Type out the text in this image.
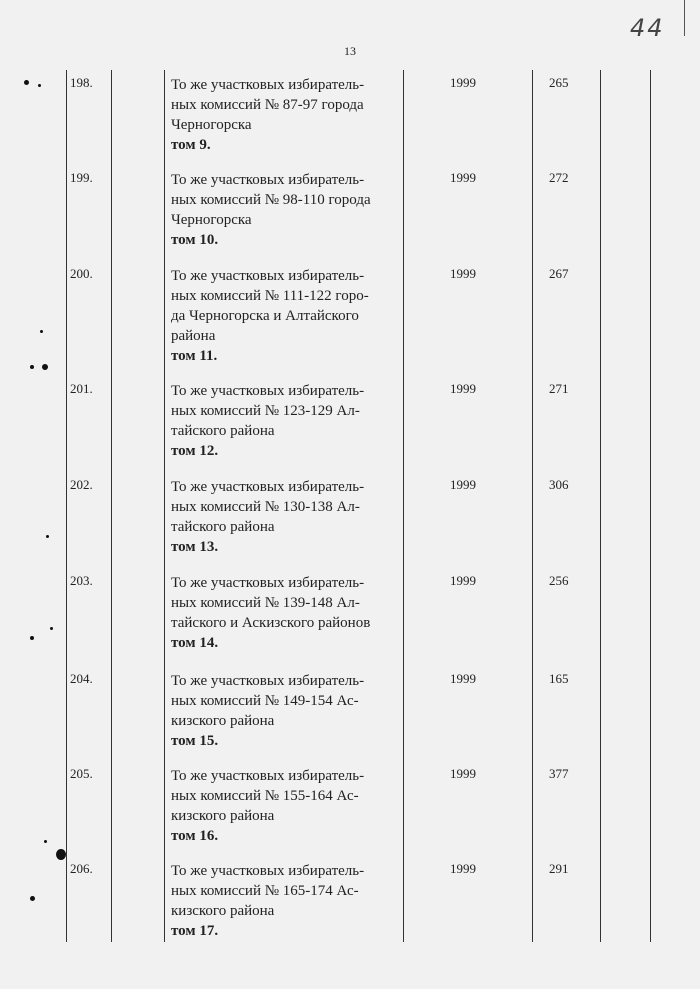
13
44
198.	То же участковых избиратель-
ных комиссий № 87-97 города
Черногорска
том 9.
1999	265
199.	То же участковых избиратель-
ных комиссий № 98-110 города
Черногорска
том 10.
1999	272
200.	То же участковых избиратель-
ных комиссий № 111-122 горо-
да Черногорска и Алтайского
района
том 11.
1999	267
201.	То же участковых избиратель-
ных комиссий № 123-129 Ал-
тайского района
том 12.
1999	271
202.	То же участковых избиратель-
ных комиссий № 130-138 Ал-
тайского района
том 13.
1999	306
203.	То же участковых избиратель-
ных комиссий № 139-148 Ал-
тайского и Аскизского районов
том 14.
1999	256
204.	То же участковых избиратель-
ных комиссий № 149-154 Ас-
кизского района
том 15.
1999	165
205.	То же участковых избиратель-
ных комиссий № 155-164 Ас-
кизского района
том 16.
1999	377
206.	То же участковых избиратель-
ных комиссий № 165-174 Ас-
кизского района
том 17.
1999	291
